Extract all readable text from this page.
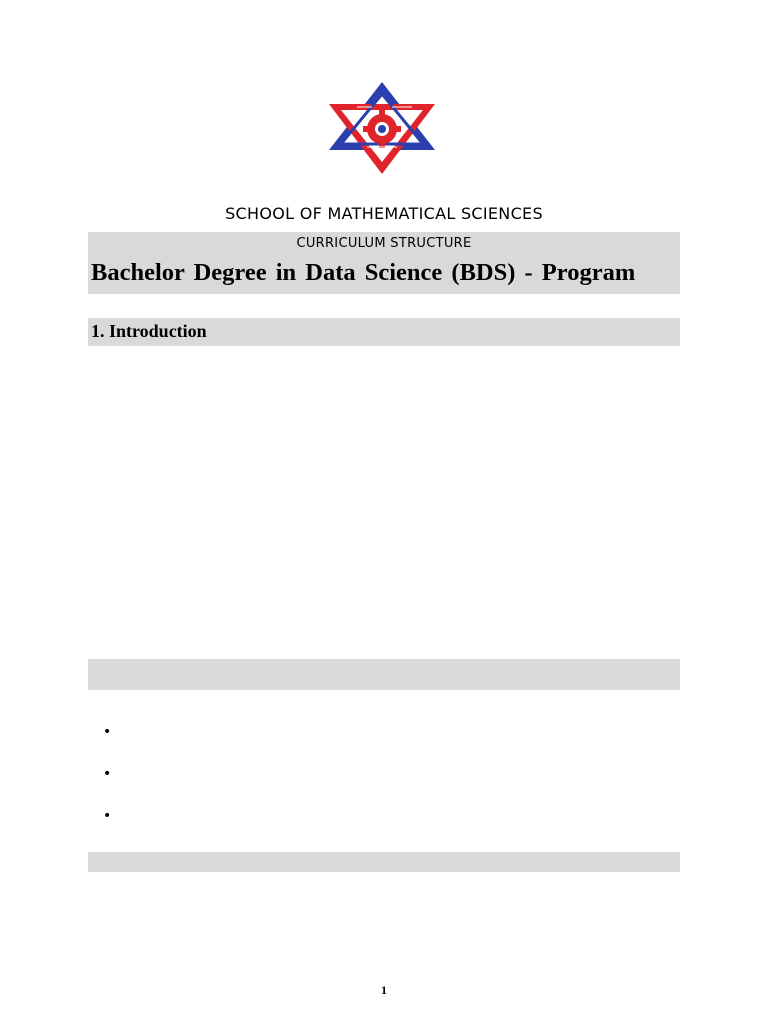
SCHOOL OF MATHEMATICAL SCIENCES
CURRICULUM STRUCTURE
Bachelor Degree in Data Science (BDS) - Program
1. Introduction
•
•
•
1
